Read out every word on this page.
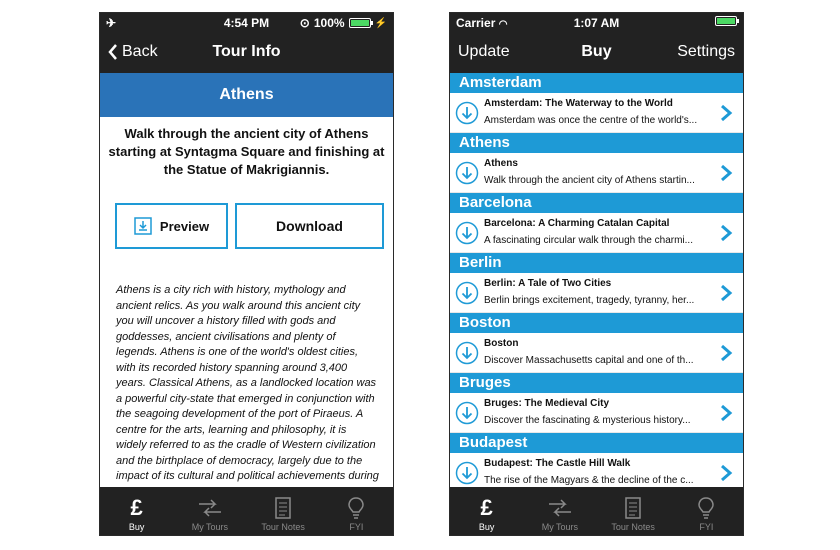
✈	4:54 PM	⊙ 100%	⚡
Back	Tour Info
Athens
Walk through the ancient city of Athens starting at Syntagma Square and finishing at the Statue of Makrigiannis.
Preview	Download
Athens is a city rich with history, mythology and ancient relics. As you walk around this ancient city you will uncover a history filled with gods and goddesses, ancient civilisations and plenty of legends. Athens is one of the world's oldest cities, with its recorded history spanning around 3,400 years. Classical Athens, as a landlocked location was a powerful city-state that emerged in conjunction with the seagoing development of the port of Piraeus. A centre for the arts, learning and philosophy, it is widely referred to as the cradle of Western civilization and the birthplace of democracy, largely due to the impact of its cultural and political achievements during
£
Buy	My Tours	Tour Notes	FYI
Carrier ◠	1:07 AM
Update	Buy	Settings
Amsterdam
Amsterdam: The Waterway to the World
Amsterdam was once the centre of the world's...
Athens
Athens
Walk through the ancient city of Athens startin...
Barcelona
Barcelona: A Charming Catalan Capital
A fascinating circular walk through the charmi...
Berlin
Berlin: A Tale of Two Cities
Berlin brings excitement, tragedy, tyranny, her...
Boston
Boston
Discover Massachusetts capital and one of th...
Bruges
Bruges: The Medieval City
Discover the fascinating & mysterious history...
Budapest
Budapest: The Castle Hill Walk
The rise of the Magyars & the decline of the c...
£
Buy	My Tours	Tour Notes	FYI
